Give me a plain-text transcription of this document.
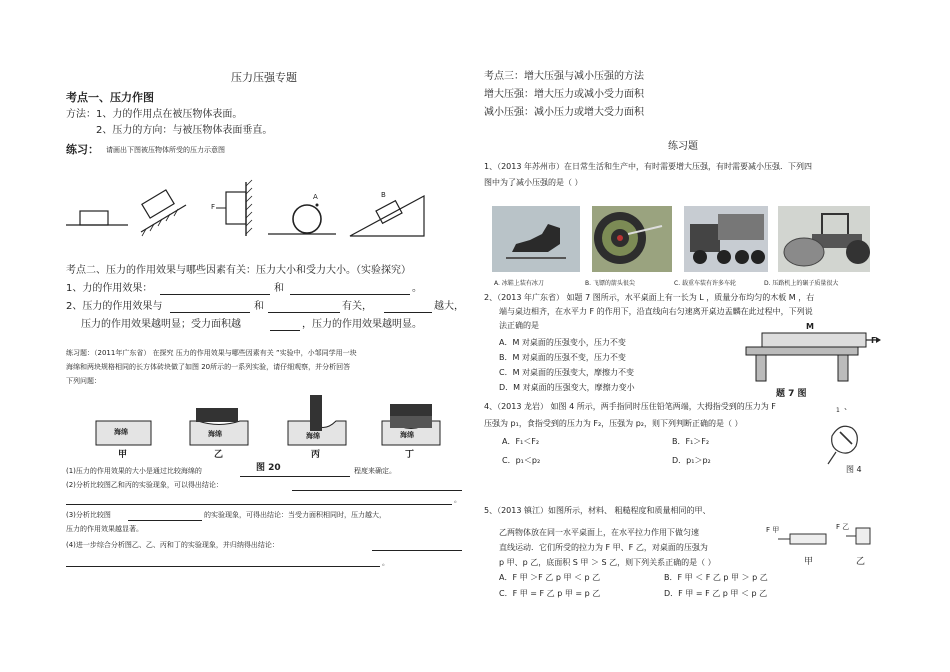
压力压强专题
考点一、压力作图
方法：1、力的作用点在被压物体表面。
2、压力的方向：与被压物体表面垂直。
练习： 请画出下图被压物体所受的压力示意图
F
A	B
考点二、压力的作用效果与哪些因素有关：压力大小和受力大小。（实验探究）
1、力的作用效果：	和	。
2、压力的作用效果与	和	有关，	越大，
压力的作用效果越明显；受力面积越	，压力的作用效果越明显。
练习题：（2011年广东省） 在探究 压力的作用效果与哪些因素有关 ”实验中，小邹同学用一块
海绵和两块规格相同的长方体砖块做了如图 20所示的一系列实验，请仔细观察，并分析回答
下列问题：
海绵	海绵	海绵	海绵
甲	乙	丙	丁
图 20
(1)压力的作用效果的大小是通过比较海绵的	程度来确定。
(2)分析比较图乙和丙的实验现象，可以得出结论：
。
(3)分析比较图	的实验现象，可得出结论：当受力面积相同时，压力越大，
压力的作用效果越显著。
(4)进一步综合分析图乙、乙、丙和丁的实验现象，并归纳得出结论：
。
考点三：增大压强与减小压强的方法
增大压强：增大压力或减小受力面积
减小压强：减小压力或增大受力面积
练习题
1、（2013 年苏州市）在日常生活和生产中，有时需要增大压强，有时需要减小压强．下列四
图中为了减小压强的是（ ）
A. 冰鞋上装有冰刀	B. 飞镖的箭头很尖	C. 载重车装有许多车轮	D. 压路机上的碾子质量很大
2、（2013 年广东省） 如题 7 图所示，水平桌面上有一长为 L ，质量分布均匀的木板 M ，右
端与桌边相齐，在水平力 F 的作用下，沿直线向右匀速离开桌边盂麟在此过程中，下列说
法正确的是
A．M 对桌面的压强变小，压力不变
B．M 对桌面的压强不变，压力不变
C．M 对桌面的压强变大，摩擦力不变
D．M 对桌面的压强变大，摩擦力变小
M
F
题 7 图
4、（2013 龙岩） 如图 4 所示，两手指同时压住铅笔两端，大拇指受到的压力为 F	1 、
压强为 p₁，食指受到的压力为 F₂，压强为 p₂，则下列判断正确的是（ ）
A．F₁＜F₂	B．F₁＞F₂
C．p₁＜p₂	D．p₁＞p₂
图 4
5、（2013 镇江）如图所示，材料、 粗糙程度和质量相同的甲、
乙两物体放在同一水平桌面上，在水平拉力作用下做匀速
直线运动．它们所受的拉力为 F 甲、F 乙，对桌面的压强为
p 甲、p 乙，底面积 S 甲 ＞ S 乙，则下列关系正确的是（ ）
A．F 甲 ＞F 乙 p 甲 ＜ p 乙	B．F 甲 ＜ F 乙 p 甲 ＞ p 乙
C．F 甲 = F 乙 p 甲 = p 乙	D．F 甲 = F 乙 p 甲 ＜ p 乙
F 甲	F 乙
甲	乙
